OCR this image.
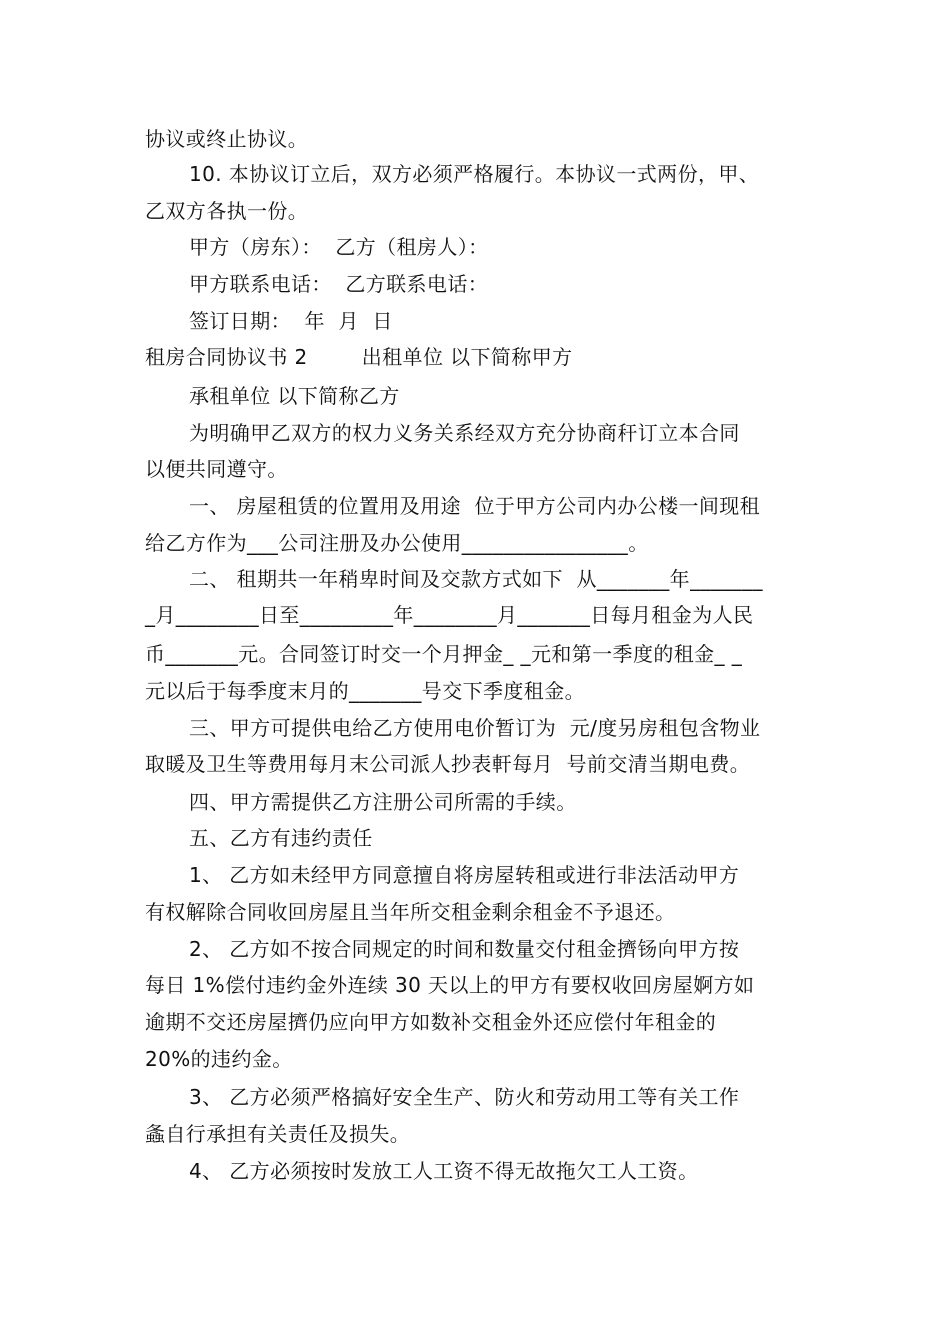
协议或终止协议。
10. 本协议订立后，双方必须严格履行。本协议一式两份，甲、
乙双方各执一份。
甲方（房东）：  乙方（租房人）：
甲方联系电话：  乙方联系电话：
签订日期：  年  月  日
租房合同协议书 2        出租单位 以下简称甲方
承租单位 以下简称乙方
为明确甲乙双方的权力义务关系经双方充分协商秆订立本合同
以便共同遵守。
一、 房屋租赁的位置用及用途  位于甲方公司内办公楼一间现租
给乙方作为___公司注册及办公使用________________。
二、 租期共一年稍卑时间及交款方式如下  从_______年_______
_月________日至_________年________月_______日每月租金为人民
币_______元。合同签订时交一个月押金_ _元和第一季度的租金_ _
元以后于每季度末月的_______号交下季度租金。
三、甲方可提供电给乙方使用电价暂订为  元/度另房租包含物业
取暖及卫生等费用每月末公司派人抄表軒每月  号前交清当期电费。
四、甲方需提供乙方注册公司所需的手续。
五、乙方有违约责任
1、 乙方如未经甲方同意擅自将房屋转租或进行非法活动甲方
有权解除合同收回房屋且当年所交租金剩余租金不予退还。
2、 乙方如不按合同规定的时间和数量交付租金擠钖向甲方按
每日 1%偿付违约金外连续 30 天以上的甲方有要权收回房屋婀方如
逾期不交还房屋擠仍应向甲方如数补交租金外还应偿付年租金的
20%的违约金。
3、 乙方必须严格搞好安全生产、防火和劳动用工等有关工作
螽自行承担有关责任及损失。
4、 乙方必须按时发放工人工资不得无故拖欠工人工资。
